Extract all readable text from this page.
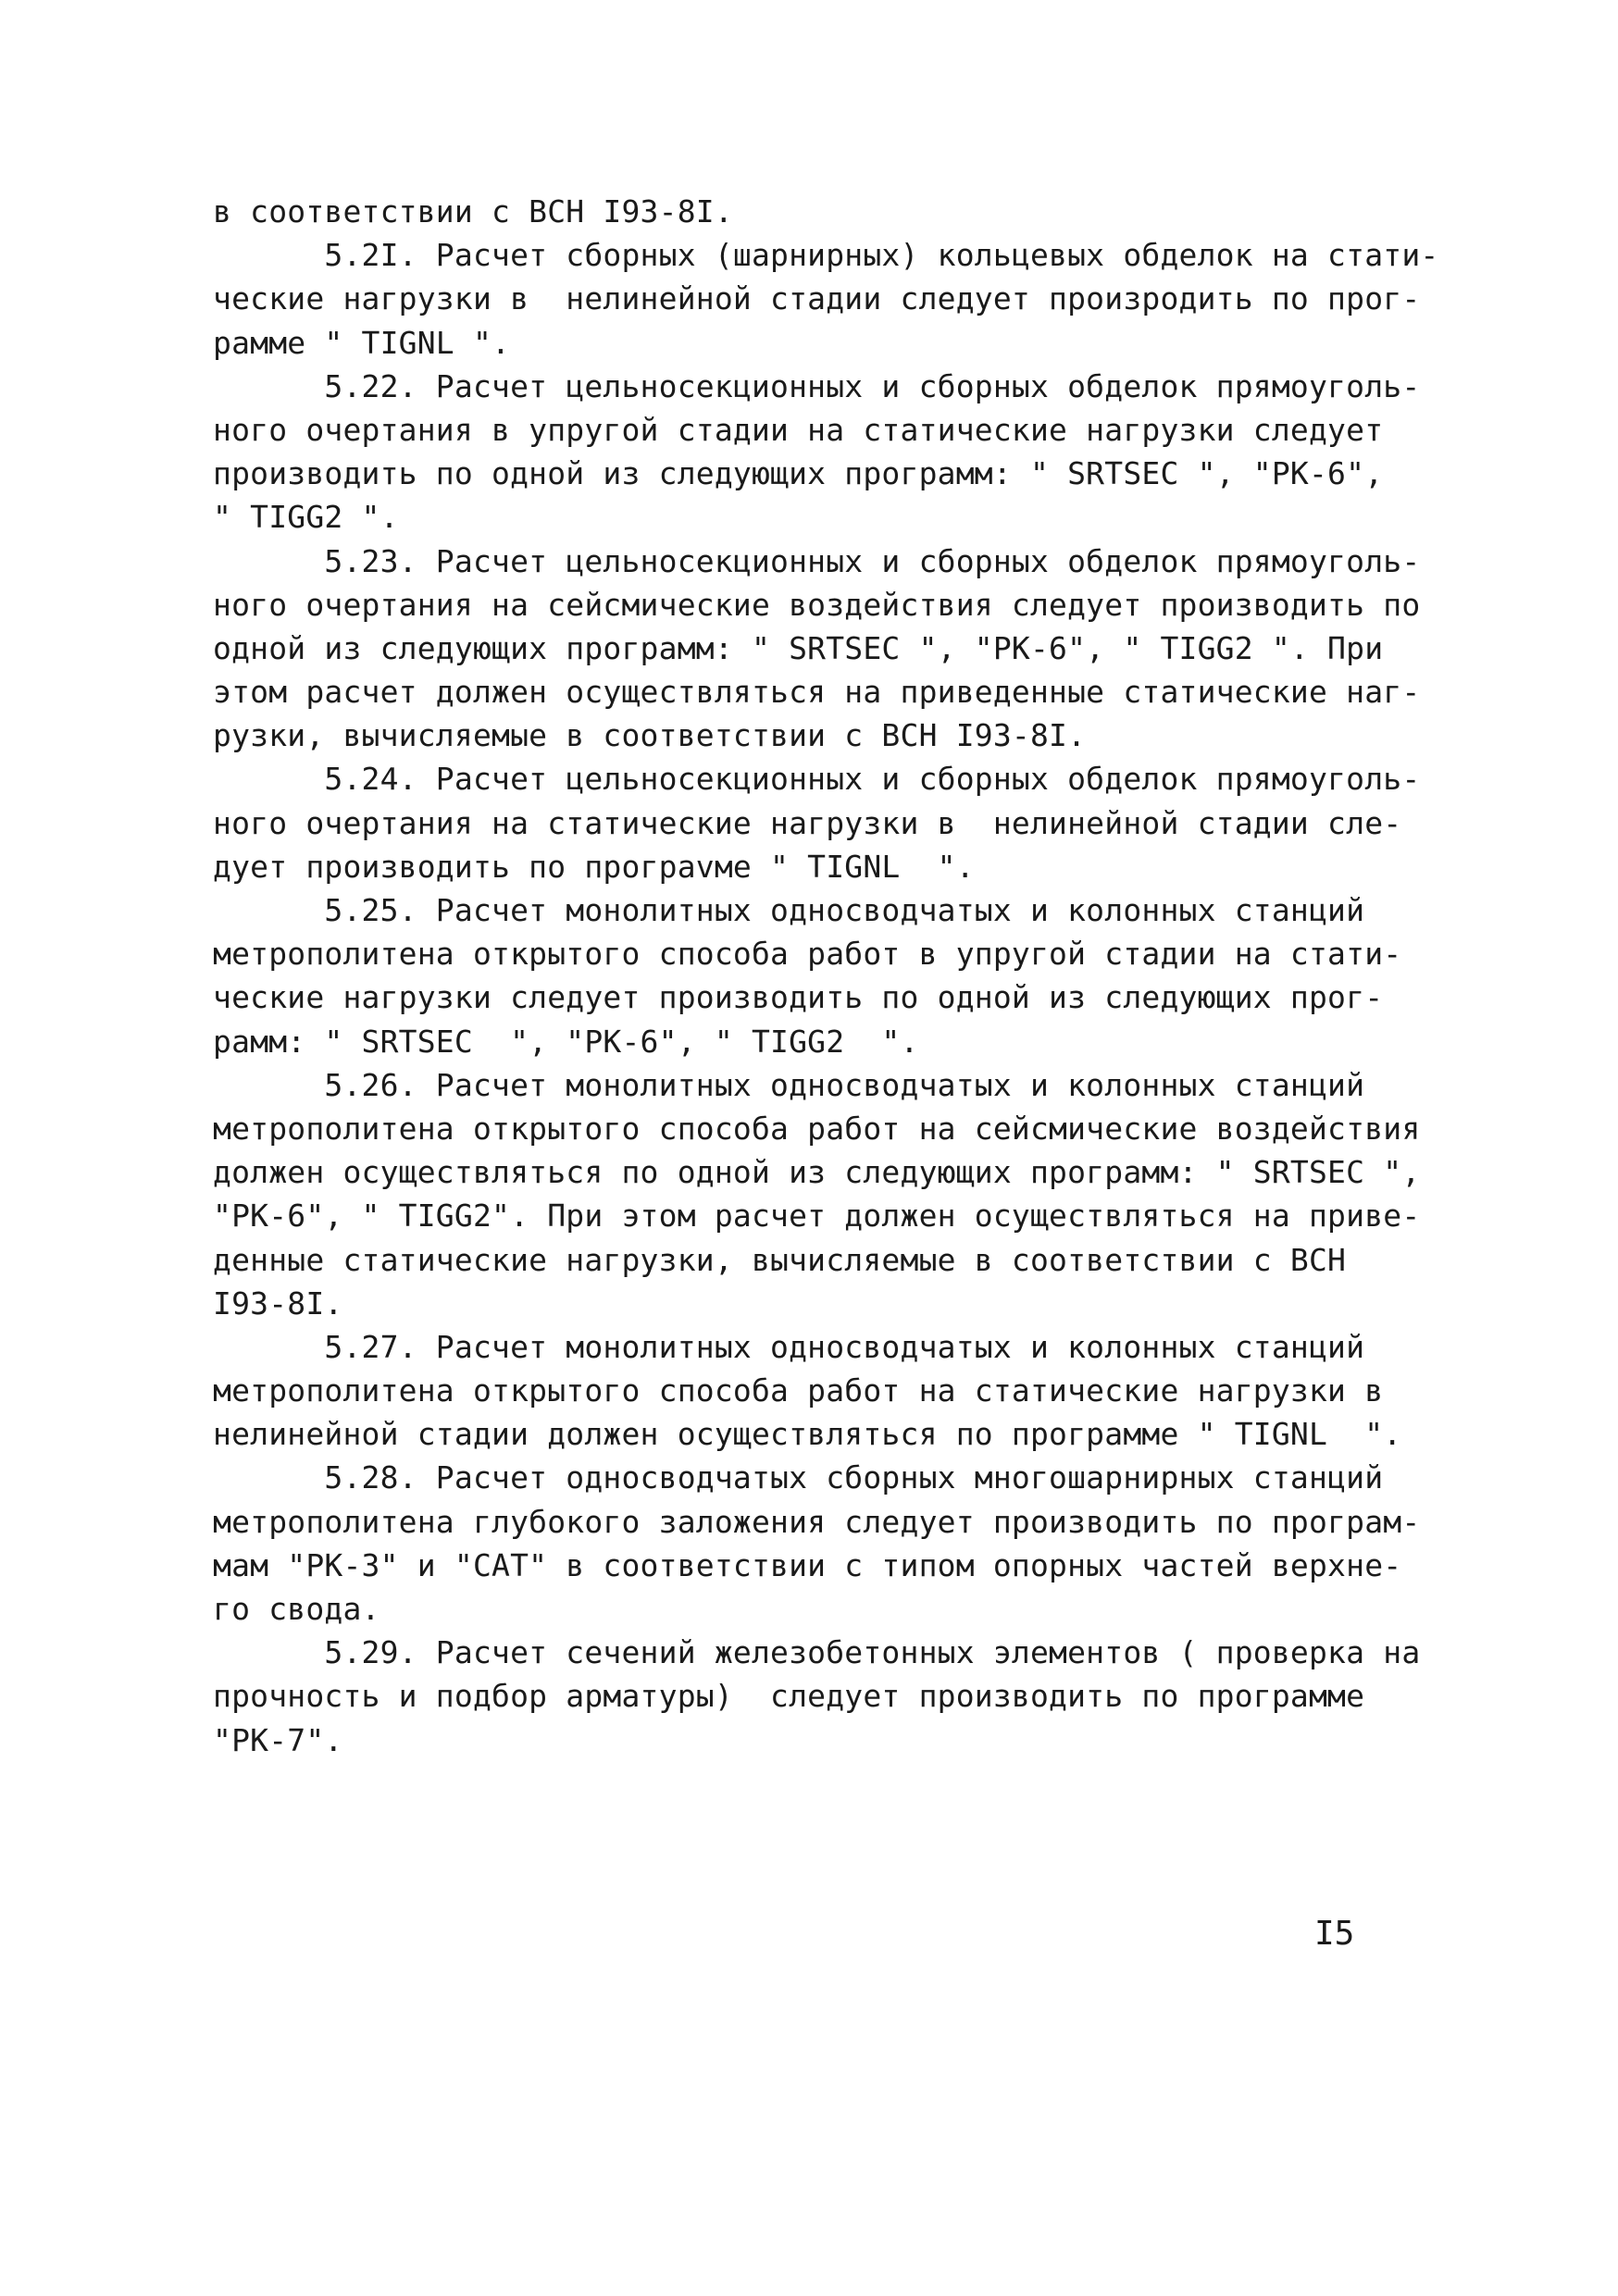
в соответствии с ВСН I93-8I.
5.2I. Расчет сборных (шарнирных) кольцевых обделок на стати-
ческие нагрузки в  нелинейной стадии следует произродить по прог-
рамме " TIGNL ".
5.22. Расчет цельносекционных и сборных обделок прямоуголь-
ного очертания в упругой стадии на статические нагрузки следует
производить по одной из следующих программ: " SRTSEC ", "РК-6",
" TIGG2 ".
5.23. Расчет цельносекционных и сборных обделок прямоуголь-
ного очертания на сейсмические воздействия следует производить по
одной из следующих программ: " SRTSEC ", "РК-6", " TIGG2 ". При
этом расчет должен осуществляться на приведенные статические наг-
рузки, вычисляемые в соответствии с ВСН I93-8I.
5.24. Расчет цельносекционных и сборных обделок прямоуголь-
ного очертания на статические нагрузки в  нелинейной стадии сле-
дует производить по програvме " TIGNL  ".
5.25. Расчет монолитных односводчатых и колонных станций
метрополитена открытого способа работ в упругой стадии на стати-
ческие нагрузки следует производить по одной из следующих прог-
рамм: " SRTSEC  ", "РК-6", " TIGG2  ".
5.26. Расчет монолитных односводчатых и колонных станций
метрополитена открытого способа работ на сейсмические воздействия
должен осуществляться по одной из следующих программ: " SRTSEC ",
"РК-6", " TIGG2". При этом расчет должен осуществляться на приве-
денные статические нагрузки, вычисляемые в соответствии с ВСН
I93-8I.
5.27. Расчет монолитных односводчатых и колонных станций
метрополитена открытого способа работ на статические нагрузки в
нелинейной стадии должен осуществляться по программе " TIGNL  ".
5.28. Расчет односводчатых сборных многошарнирных станций
метрополитена глубокого заложения следует производить по програм-
мам "РК-3" и "САТ" в соответствии с типом опорных частей верхне-
го свода.
5.29. Расчет сечений железобетонных элементов ( проверка на
прочность и подбор арматуры)  следует производить по программе
"РК-7".
I5
